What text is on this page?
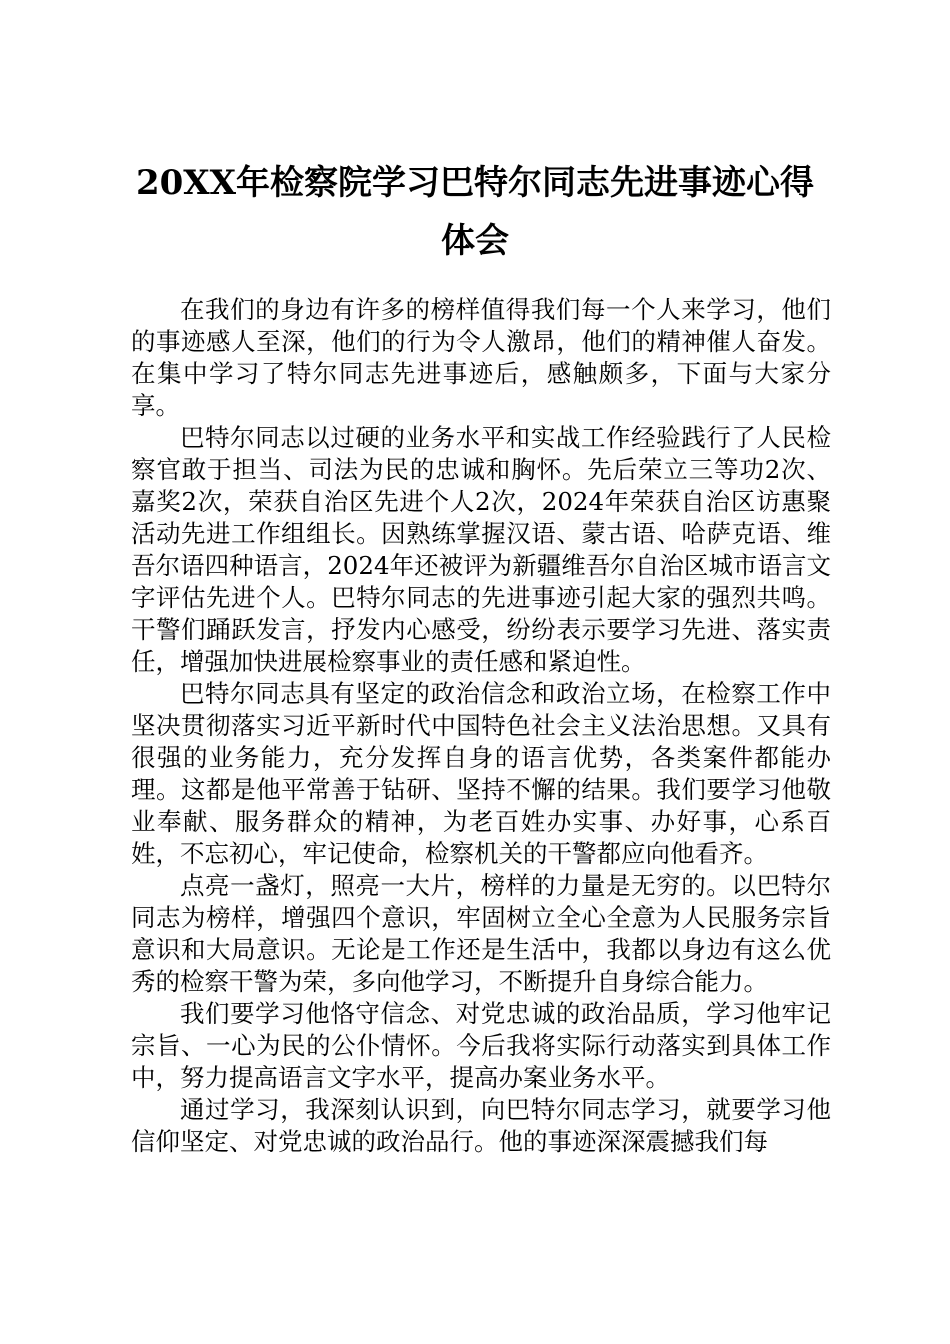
20XX年检察院学习巴特尔同志先进事迹心得
体会

在我们的身边有许多的榜样值得我们每一个人来学习，他们的事迹感人至深，他们的行为令人激昂，他们的精神催人奋发。在集中学习了特尔同志先进事迹后，感触颇多，下面与大家分享。

巴特尔同志以过硬的业务水平和实战工作经验践行了人民检察官敢于担当、司法为民的忠诚和胸怀。先后荣立三等功2次、嘉奖2次，荣获自治区先进个人2次，2024年荣获自治区访惠聚活动先进工作组组长。因熟练掌握汉语、蒙古语、哈萨克语、维吾尔语四种语言，2024年还被评为新疆维吾尔自治区城市语言文字评估先进个人。巴特尔同志的先进事迹引起大家的强烈共鸣。干警们踊跃发言，抒发内心感受，纷纷表示要学习先进、落实责任，增强加快进展检察事业的责任感和紧迫性。

巴特尔同志具有坚定的政治信念和政治立场，在检察工作中坚决贯彻落实习近平新时代中国特色社会主义法治思想。又具有很强的业务能力，充分发挥自身的语言优势，各类案件都能办理。这都是他平常善于钻研、坚持不懈的结果。我们要学习他敬业奉献、服务群众的精神，为老百姓办实事、办好事，心系百姓，不忘初心，牢记使命，检察机关的干警都应向他看齐。

点亮一盏灯，照亮一大片，榜样的力量是无穷的。以巴特尔同志为榜样，增强四个意识，牢固树立全心全意为人民服务宗旨意识和大局意识。无论是工作还是生活中，我都以身边有这么优秀的检察干警为荣，多向他学习，不断提升自身综合能力。

我们要学习他恪守信念、对党忠诚的政治品质，学习他牢记宗旨、一心为民的公仆情怀。今后我将实际行动落实到具体工作中，努力提高语言文字水平，提高办案业务水平。

通过学习，我深刻认识到，向巴特尔同志学习，就要学习他信仰坚定、对党忠诚的政治品行。他的事迹深深震撼我们每
